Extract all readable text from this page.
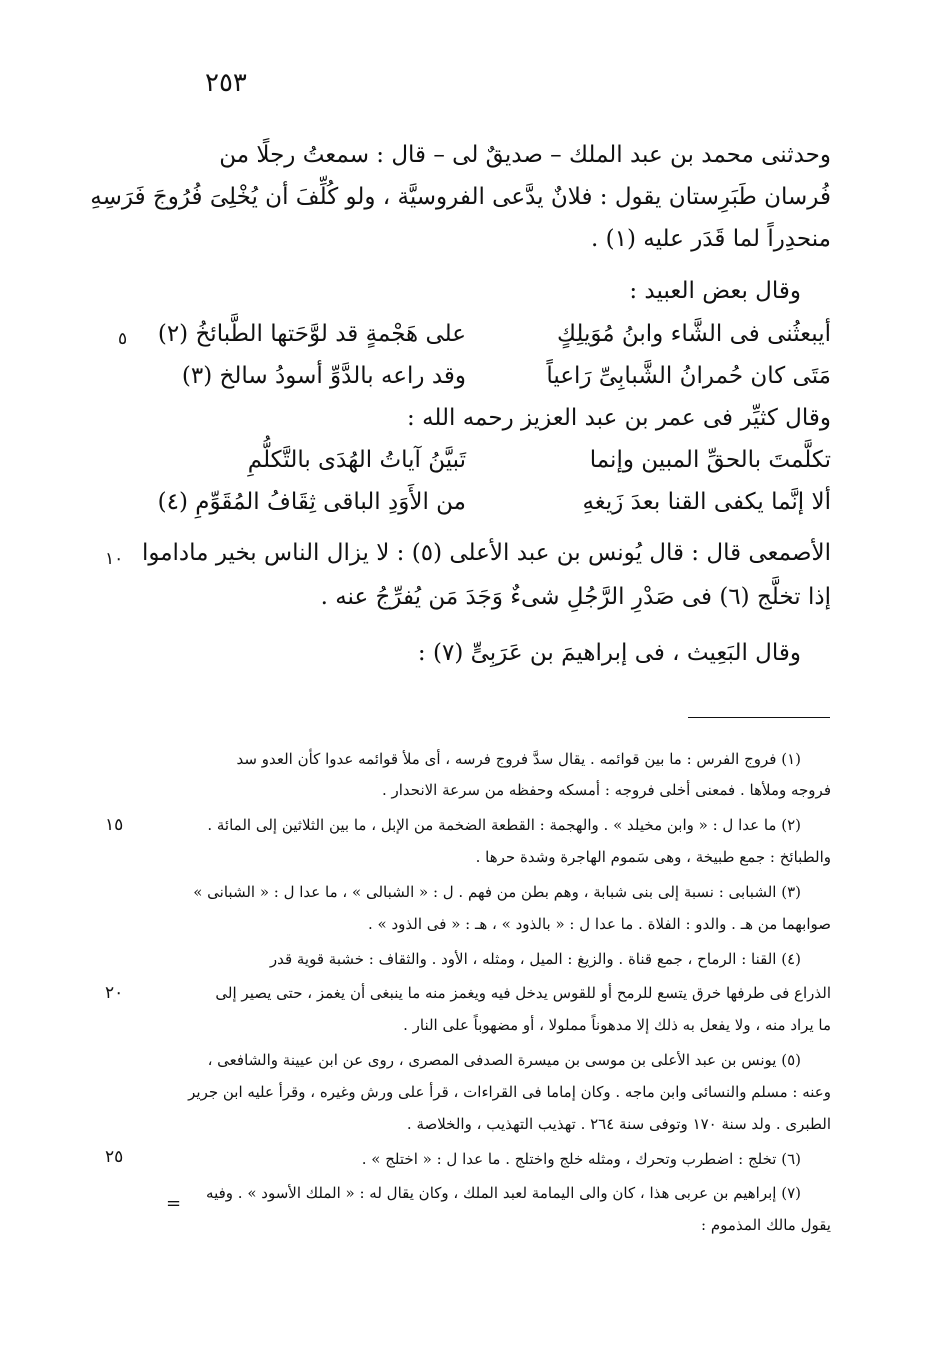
٢٥٣
وحدثنى محمد بن عبد الملك – صديقٌ لى – قال : سمعتُ رجلًا من
فُرسان طَبَرِستان يقول : فلانٌ يدَّعى الفروسيَّة ، ولو كُلِّفَ أن يُخْلِىَ فُرُوجَ فَرَسِهِ
منحدِراً لما قَدَر عليه (١) .
وقال بعض العبيد :
أيبعثُنى فى الشَّاء وابنُ مُوَيلِكٍ
على هَجْمةٍ قد لوَّحَتها الطَّبائخُ (٢)
مَتَى كان حُمرانُ الشَّبابِىِّ رَاعياً
وقد راعه بالدَّوِّ أسودُ سالخ (٣)
وقال كثيِّر فى عمر بن عبد العزيز رحمه الله :
تكلَّمتَ بالحقِّ المبين وإنما
تَبيَّنُ آياتُ الهُدَى بالتَّكلُّمِ
ألا إنَّما يكفى القنا بعدَ زَيغهِ
من الأَوَدِ الباقى ثِقَافُ المُقَوِّمِ (٤)
الأصمعى قال : قال يُونس بن عبد الأعلى (٥) : لا يزال الناس بخير ماداموا
إذا تخلَّج (٦) فى صَدْرِ الرَّجُلِ شىءٌ وَجَدَ مَن يُفرِّجُ عنه .
وقال البَعِيث ، فى إبراهيمَ بن عَرَبِىٍّ (٧) :
٥
١٠
١٥
٢٠
٢٥
(١) فروج الفرس : ما بين قوائمه . يقال سدَّ فروج فرسه ، أى ملأ قوائمه عدوا كأن العدو سد
فروجه وملأها . فمعنى أخلى فروجه : أمسكه وحفظه من سرعة الانحدار .
(٢) ما عدا ل : « وابن مخيلد » . والهجمة : القطعة الضخمة من الإبل ، ما بين الثلاثين إلى المائة .
والطبائخ : جمع طبيخة ، وهى سَموم الهاجرة وشدة حرها .
(٣) الشبابى : نسبة إلى بنى شبابة ، وهم بطن من فهم . ل : « الشبالى » ، ما عدا ل : « الشبانى »
صوابهما من هـ . والدو : الفلاة . ما عدا ل : « بالذود » ، هـ : « فى الذود » .
(٤) القنا : الرماح ، جمع قناة . والزيغ : الميل ، ومثله ، الأود . والثقاف : خشبة قوية قدر
الذراع فى طرفها خرق يتسع للرمح أو للقوس يدخل فيه ويغمز منه ما ينبغى أن يغمز ، حتى يصير إلى
ما يراد منه ، ولا يفعل به ذلك إلا مدهوناً مملولا ، أو مضهوباً على النار .
(٥) يونس بن عبد الأعلى بن موسى بن ميسرة الصدفى المصرى ، روى عن ابن عيينة والشافعى ،
وعنه : مسلم والنسائى وابن ماجه . وكان إماما فى القراءات ، قرأ على ورش وغيره ، وقرأ عليه ابن جرير
الطبرى . ولد سنة ١٧٠ وتوفى سنة ٢٦٤ . تهذيب التهذيب ، والخلاصة .
(٦) تخلج : اضطرب وتحرك ، ومثله خلج واختلج . ما عدا ل : « اختلج » .
(٧) إبراهيم بن عربى هذا ، كان والى اليمامة لعبد الملك ، وكان يقال له : « الملك الأسود » . وفيه
يقول مالك المذموم :
=
